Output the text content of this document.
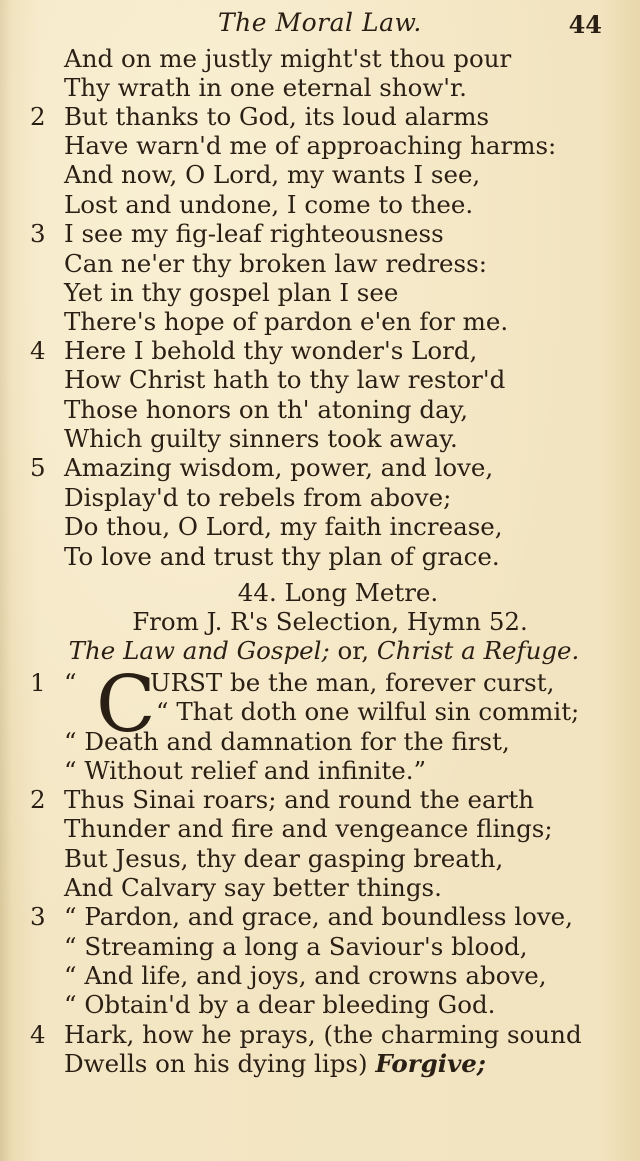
The Moral Law.	44
And on me justly might'st thou pour
Thy wrath in one eternal show'r.
2 But thanks to God, its loud alarms
Have warn'd me of approaching harms:
And now, O Lord, my wants I see,
Lost and undone, I come to thee.
3 I see my fig-leaf righteousness
Can ne'er thy broken law redress:
Yet in thy gospel plan I see
There's hope of pardon e'en for me.
4 Here I behold thy wonder's Lord,
How Christ hath to thy law restor'd
Those honors on th' atoning day,
Which guilty sinners took away.
5 Amazing wisdom, power, and love,
Display'd to rebels from above;
Do thou, O Lord, my faith increase,
To love and trust thy plan of grace.
44. Long Metre.
From J. R's Selection, Hymn 52.
The Law and Gospel; or, Christ a Refuge.
C
1 “	URST be the man, forever curst,
“ That doth one wilful sin commit;
“ Death and damnation for the first,
“ Without relief and infinite.”
2 Thus Sinai roars; and round the earth
Thunder and fire and vengeance flings;
But Jesus, thy dear gasping breath,
And Calvary say better things.
3 “ Pardon, and grace, and boundless love,
“ Streaming a long a Saviour's blood,
“ And life, and joys, and crowns above,
“ Obtain'd by a dear bleeding God.
4 Hark, how he prays, (the charming sound
Dwells on his dying lips) Forgive;
